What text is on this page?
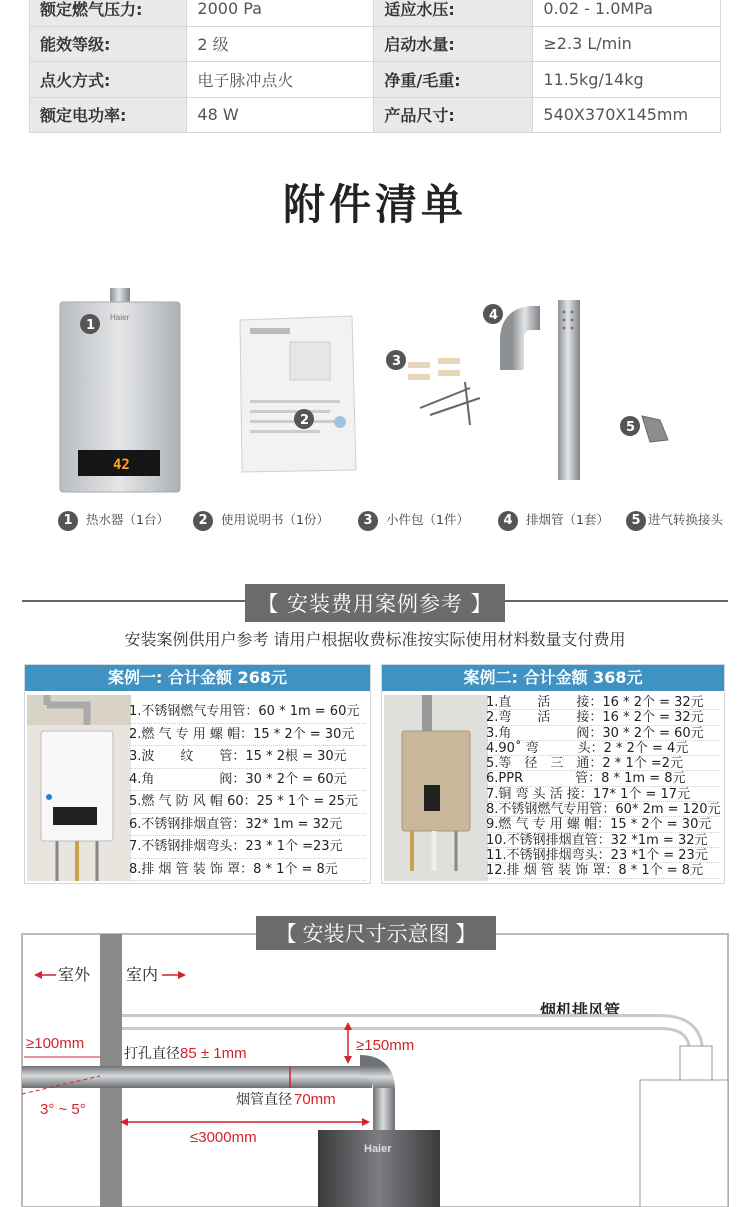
额定燃气压力:	2000 Pa	适应水压:	0.02 - 1.0MPa
能效等级:	2 级	启动水量:	≥2.3 L/min
点火方式:	电子脉冲点火	净重/毛重:	11.5kg/14kg
额定电功率:	48 W	产品尺寸:	540X370X145mm
附件清单
Haier
42
1
2
3
4
5
1 热水器（1台）	2 使用说明书（1份）	3 小件包（1件）	4 排烟管（1套）	5 进气转换接头
【 安装费用案例参考 】
安装案例供用户参考 请用户根据收费标准按实际使用材料数量支付费用
案例一: 合计金额 268元
1.不锈钢燃气专用管：60 * 1m = 60元
2.燃 气 专 用 螺 帽：15 * 2个 = 30元
3.波　　纹　　管：15 * 2根 = 30元
4.角　　　　　阀：30 * 2个 = 60元
5.燃 气 防 风 帽 60：25 * 1个 = 25元
6.不锈钢排烟直管：32* 1m = 32元
7.不锈钢排烟弯头：23 * 1个 =23元
8.排 烟 管 装 饰 罩：8 * 1个 = 8元
案例二: 合计金额 368元
1.直　　活　　接：16 * 2个 = 32元
2.弯　　活　　接：16 * 2个 = 32元
3.角　　　　　阀：30 * 2个 = 60元
4.90˚ 弯　　　头：2 * 2个 = 4元
5.等　径　三　通：2 * 1个 =2元
6.PPR　　　　管：8 * 1m = 8元
7.铜 弯 头 活 接：17* 1个 = 17元
8.不锈钢燃气专用管：60* 2m = 120元
9.燃 气 专 用 螺 帽：15 * 2个 = 30元
10.不锈钢排烟直管：32 *1m = 32元
11.不锈钢排烟弯头：23 *1个 = 23元
12.排 烟 管 装 饰 罩：8 * 1个 = 8元
【 安装尺寸示意图 】
室外 室内
烟机排风管
≥100mm
打孔直径 85 ± 1mm	≥150mm
3° ~ 5°
烟管直径 70mm
≤3000mm
Haier
